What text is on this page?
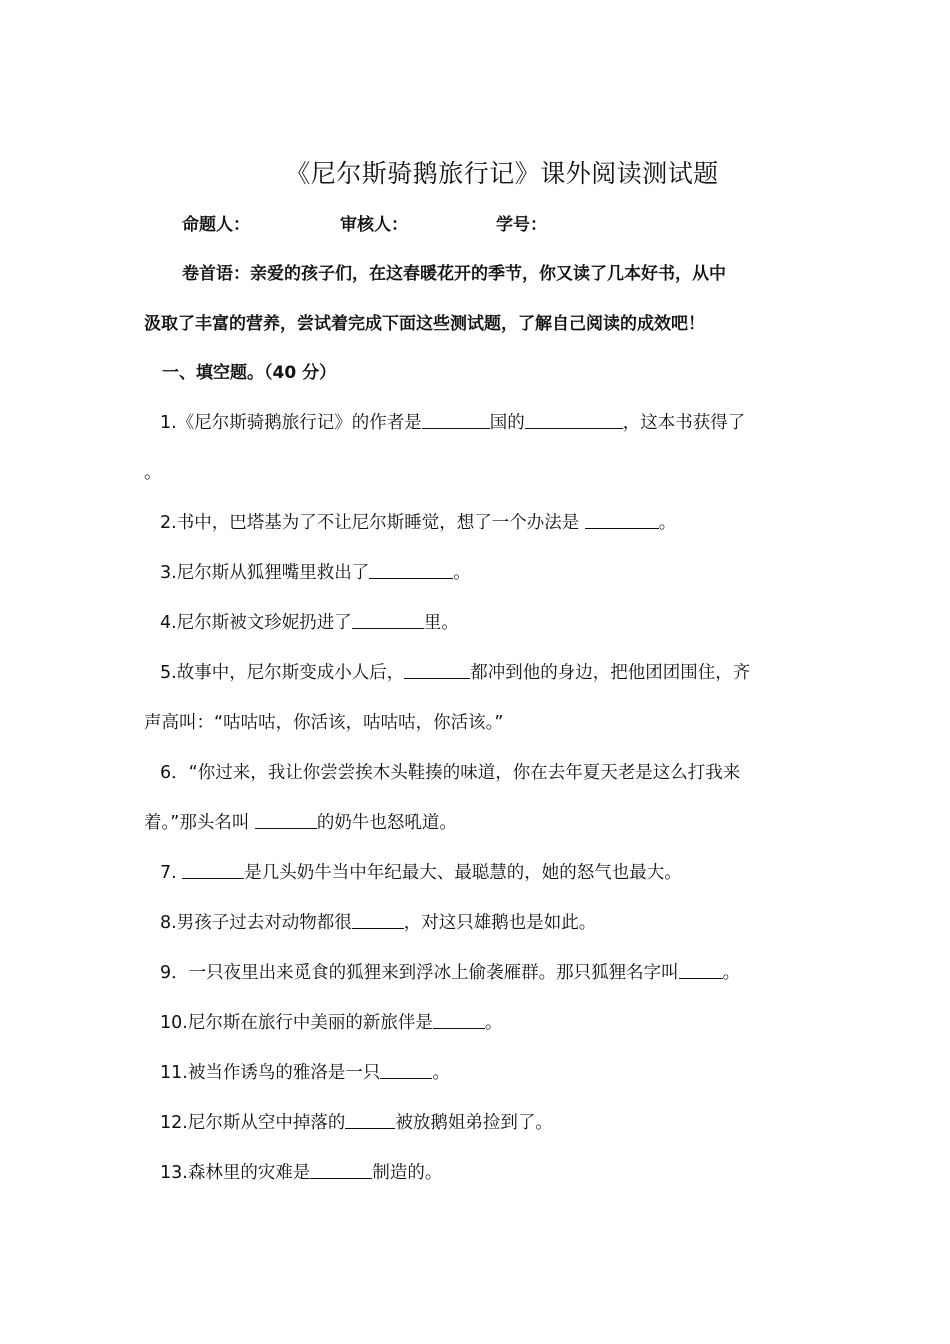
《尼尔斯骑鹅旅行记》课外阅读测试题
命题人：	审核人：	学号：
卷首语：亲爱的孩子们，在这春暖花开的季节，你又读了几本好书，从中
汲取了丰富的营养，尝试着完成下面这些测试题，了解自己阅读的成效吧！
一、填空题。（40 分）
1.《尼尔斯骑鹅旅行记》的作者是	国的	，这本书获得了
。
2.书中，巴塔基为了不让尼尔斯睡觉，想了一个办法是	。
3.尼尔斯从狐狸嘴里救出了	。
4.尼尔斯被文珍妮扔进了	里。
5.故事中，尼尔斯变成小人后，	都冲到他的身边，把他团团围住，齐
声高叫：“咕咕咕，你活该，咕咕咕，你活该。”
6．“你过来，我让你尝尝挨木头鞋揍的味道，你在去年夏天老是这么打我来
着。”那头名叫	的奶牛也怒吼道。
7.	是几头奶牛当中年纪最大、最聪慧的，她的怒气也最大。
8.男孩子过去对动物都很	，对这只雄鹅也是如此。
9．一只夜里出来觅食的狐狸来到浮冰上偷袭雁群。那只狐狸名字叫	。
10.尼尔斯在旅行中美丽的新旅伴是	。
11.被当作诱鸟的雅洛是一只	。
12.尼尔斯从空中掉落的	被放鹅姐弟捡到了。
13.森林里的灾难是	制造的。
